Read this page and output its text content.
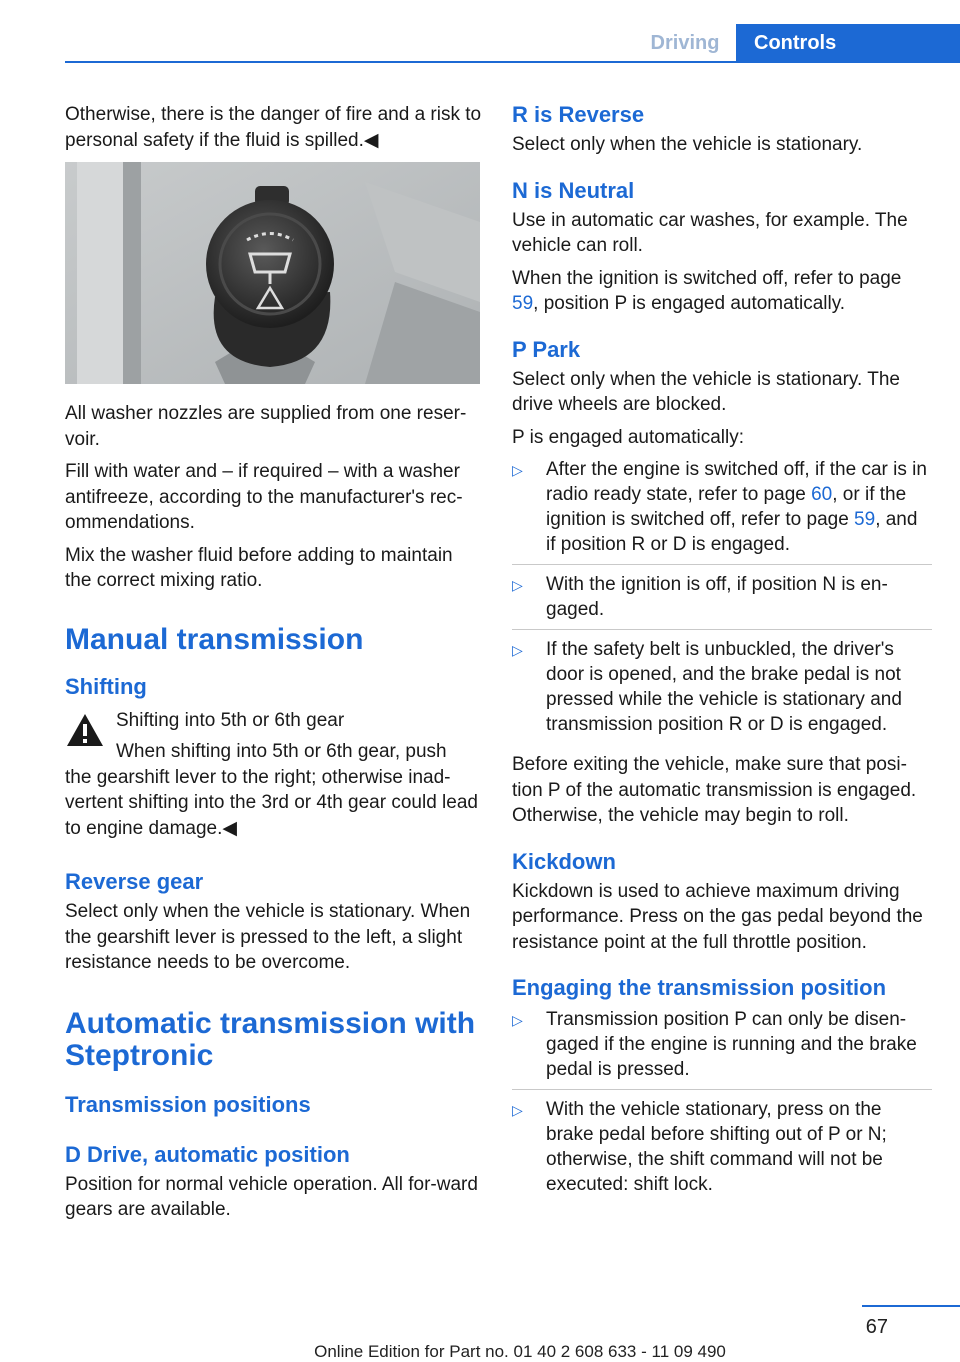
Driving	Controls

Otherwise, there is the danger of fire and a risk to personal safety if the fluid is spilled.◀

All washer nozzles are supplied from one reser-voir.

Fill with water and – if required – with a washer antifreeze, according to the manufacturer's rec-ommendations.

Mix the washer fluid before adding to maintain the correct mixing ratio.

Manual transmission
Shifting

Shifting into 5th or 6th gear

When shifting into 5th or 6th gear, push

the gearshift lever to the right; otherwise inad-vertent shifting into the 3rd or 4th gear could lead to engine damage.◀

Reverse gear

Select only when the vehicle is stationary. When the gearshift lever is pressed to the left, a slight resistance needs to be overcome.

Automatic transmission with Steptronic
Transmission positions
D Drive, automatic position

Position for normal vehicle operation. All for-ward gears are available.

R is Reverse

Select only when the vehicle is stationary.

N is Neutral

Use in automatic car washes, for example. The vehicle can roll.

When the ignition is switched off, refer to page 59, position P is engaged automatically.

P Park

Select only when the vehicle is stationary. The drive wheels are blocked.

P is engaged automatically:

▷ After the engine is switched off, if the car is in radio ready state, refer to page 60, or if the ignition is switched off, refer to page 59, and if position R or D is engaged.
▷ With the ignition is off, if position N is en-gaged.
▷ If the safety belt is unbuckled, the driver's door is opened, and the brake pedal is not pressed while the vehicle is stationary and transmission position R or D is engaged.

Before exiting the vehicle, make sure that posi-tion P of the automatic transmission is engaged. Otherwise, the vehicle may begin to roll.

Kickdown

Kickdown is used to achieve maximum driving performance. Press on the gas pedal beyond the resistance point at the full throttle position.

Engaging the transmission position
▷ Transmission position P can only be disen-gaged if the engine is running and the brake pedal is pressed.
▷ With the vehicle stationary, press on the brake pedal before shifting out of P or N; otherwise, the shift command will not be executed: shift lock.
67
Online Edition for Part no. 01 40 2 608 633 - 11 09 490
